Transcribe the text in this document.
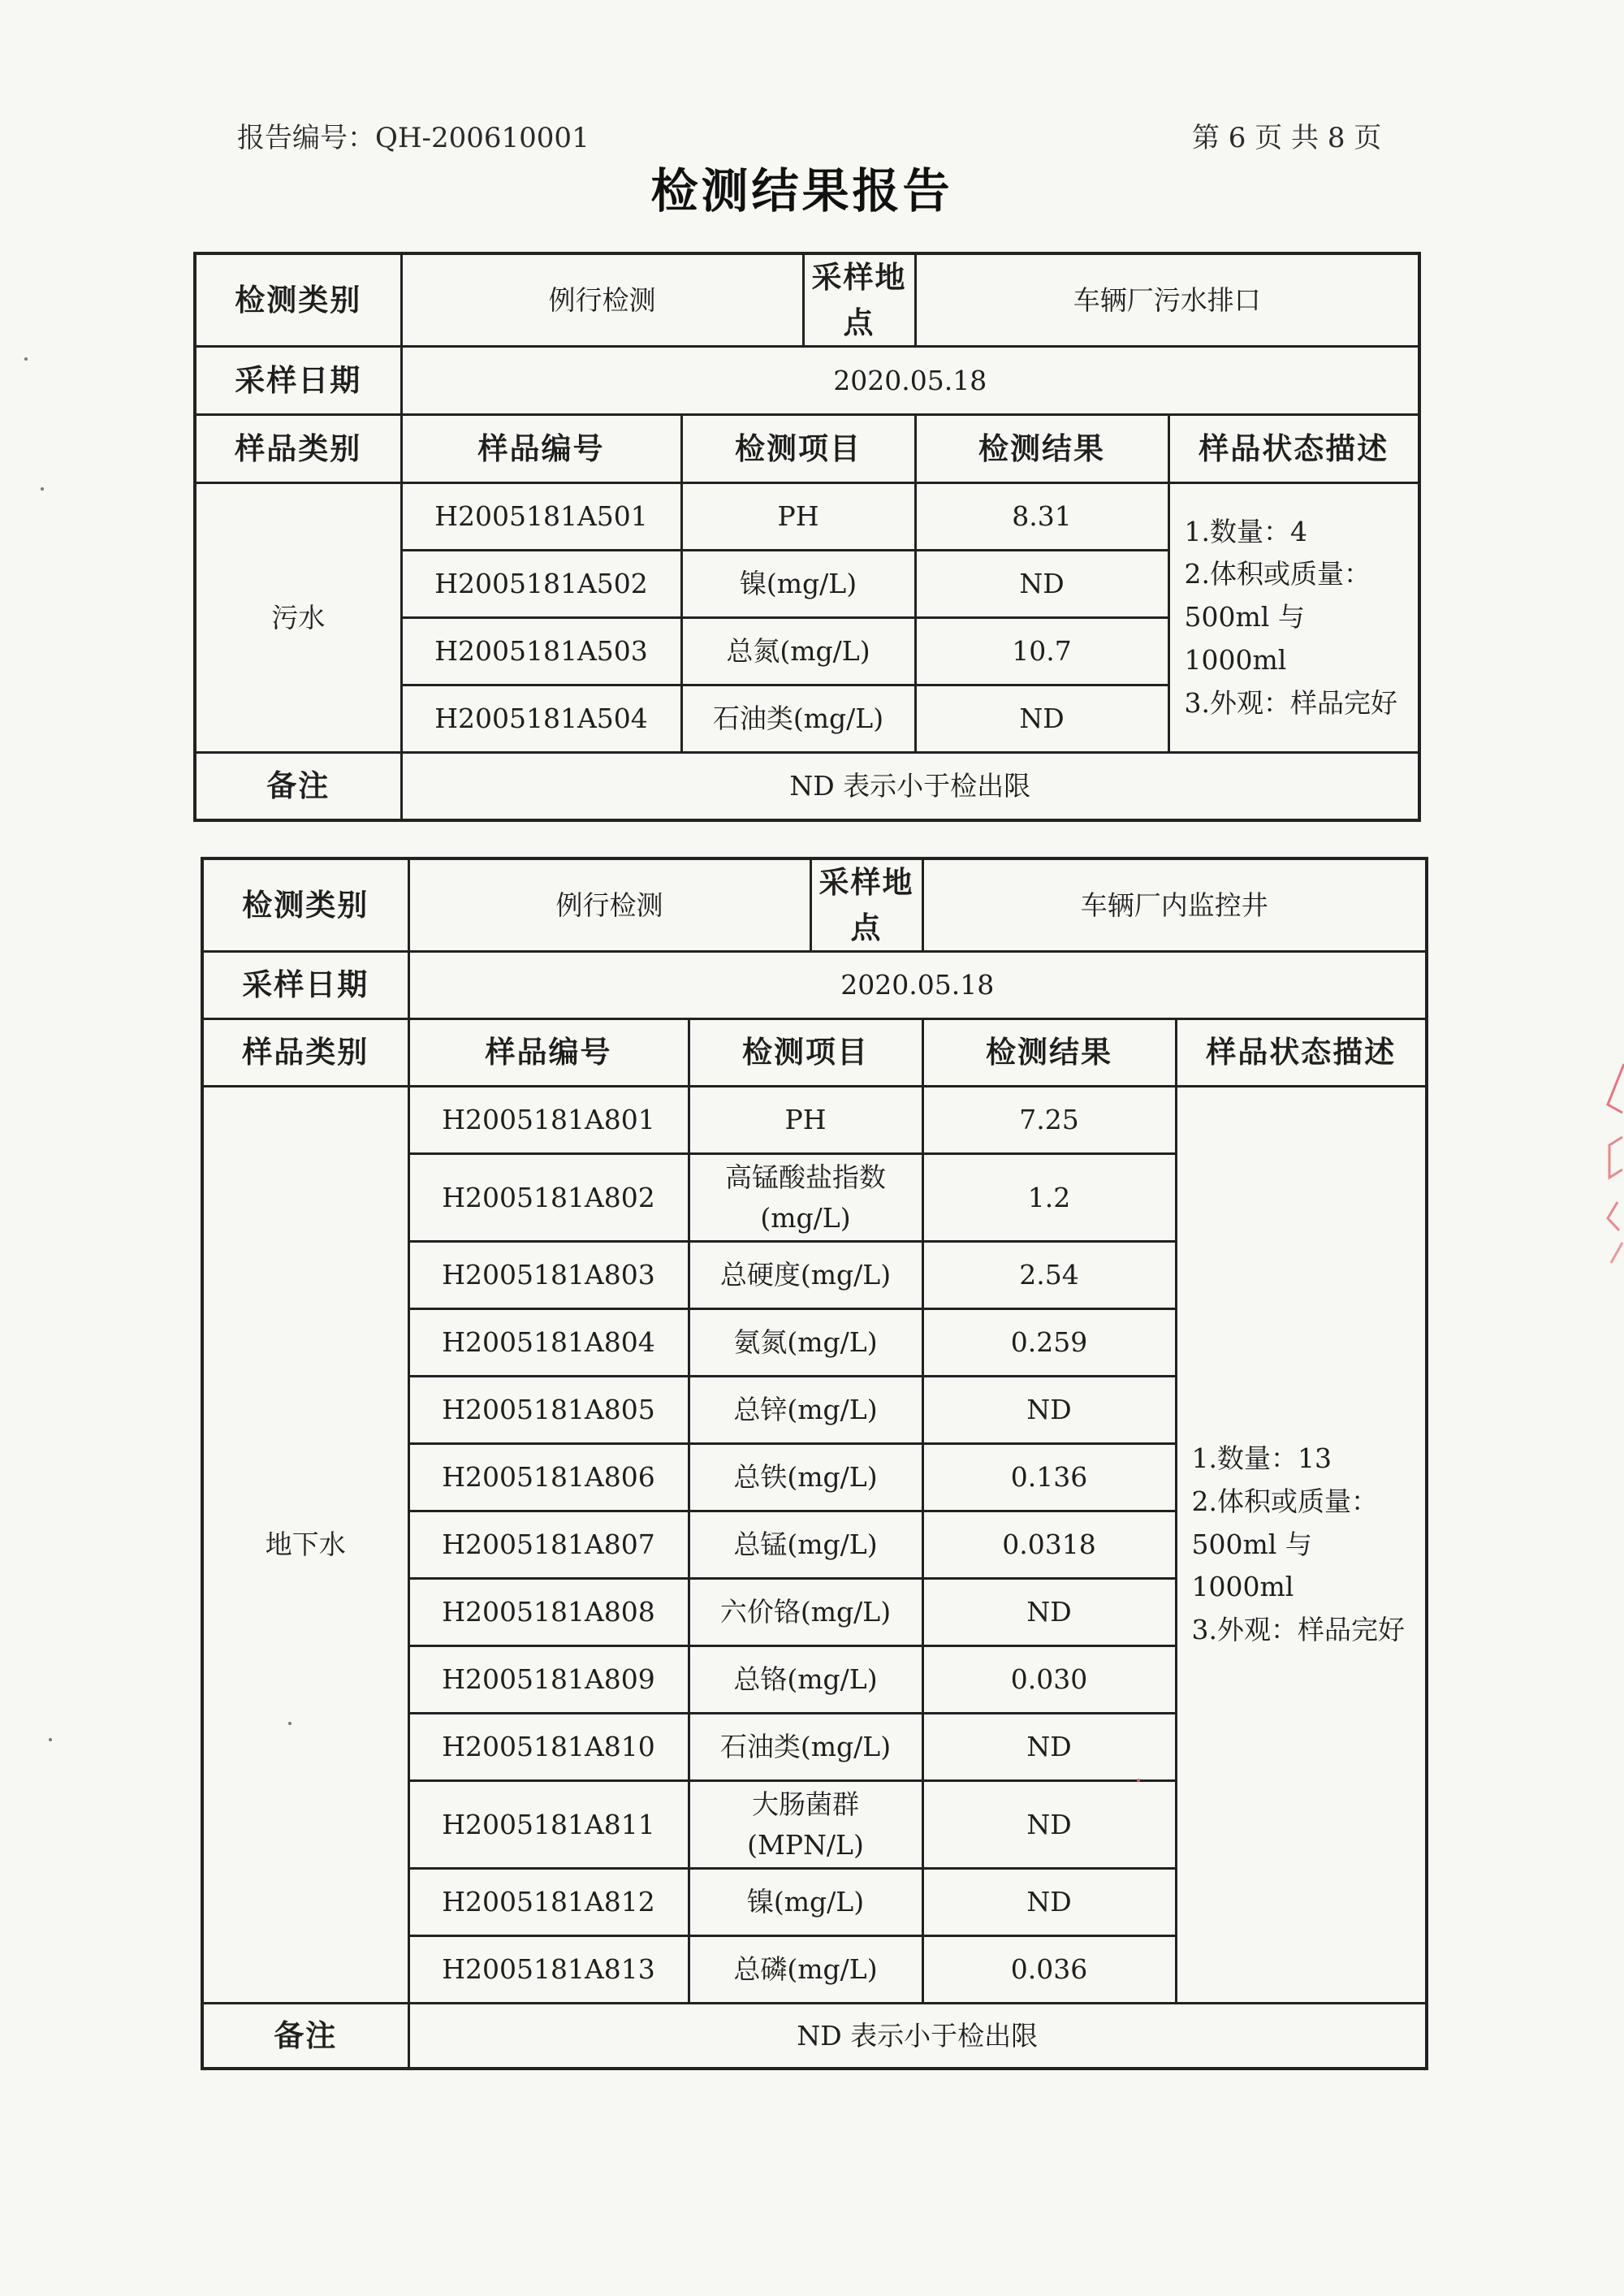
报告编号：QH-200610001	第 6 页 共 8 页
检测结果报告
检测类别	例行检测		采样地点	车辆厂污水排口	
采样日期	2020.05.18				
样品类别	样品编号	检测项目		检测结果	样品状态描述
污水	H2005181A501	PH		8.31	1.数量：4
2.体积或质量：
500ml 与 1000ml
3.外观：样品完好

	H2005181A502	镍(mg/L)		ND	
	H2005181A503	总氮(mg/L)		10.7	
	H2005181A504	石油类(mg/L)		ND	
备注	ND 表示小于检出限				
检测类别	例行检测		采样地点	车辆厂内监控井	
采样日期	2020.05.18				
样品类别	样品编号	检测项目		检测结果	样品状态描述
地下水	H2005181A801	PH		7.25	1.数量：13
2.体积或质量：
500ml 与 1000ml
3.外观：样品完好

	H2005181A802	高锰酸盐指数(mg/L)		1.2	
	H2005181A803	总硬度(mg/L)		2.54	
	H2005181A804	氨氮(mg/L)		0.259	
	H2005181A805	总锌(mg/L)		ND	
	H2005181A806	总铁(mg/L)		0.136	
	H2005181A807	总锰(mg/L)		0.0318	
	H2005181A808	六价铬(mg/L)		ND	
	H2005181A809	总铬(mg/L)		0.030	
	H2005181A810	石油类(mg/L)		ND	
	H2005181A811	大肠菌群(MPN/L)		ND	
	H2005181A812	镍(mg/L)		ND	
	H2005181A813	总磷(mg/L)		0.036	
备注	ND 表示小于检出限				
